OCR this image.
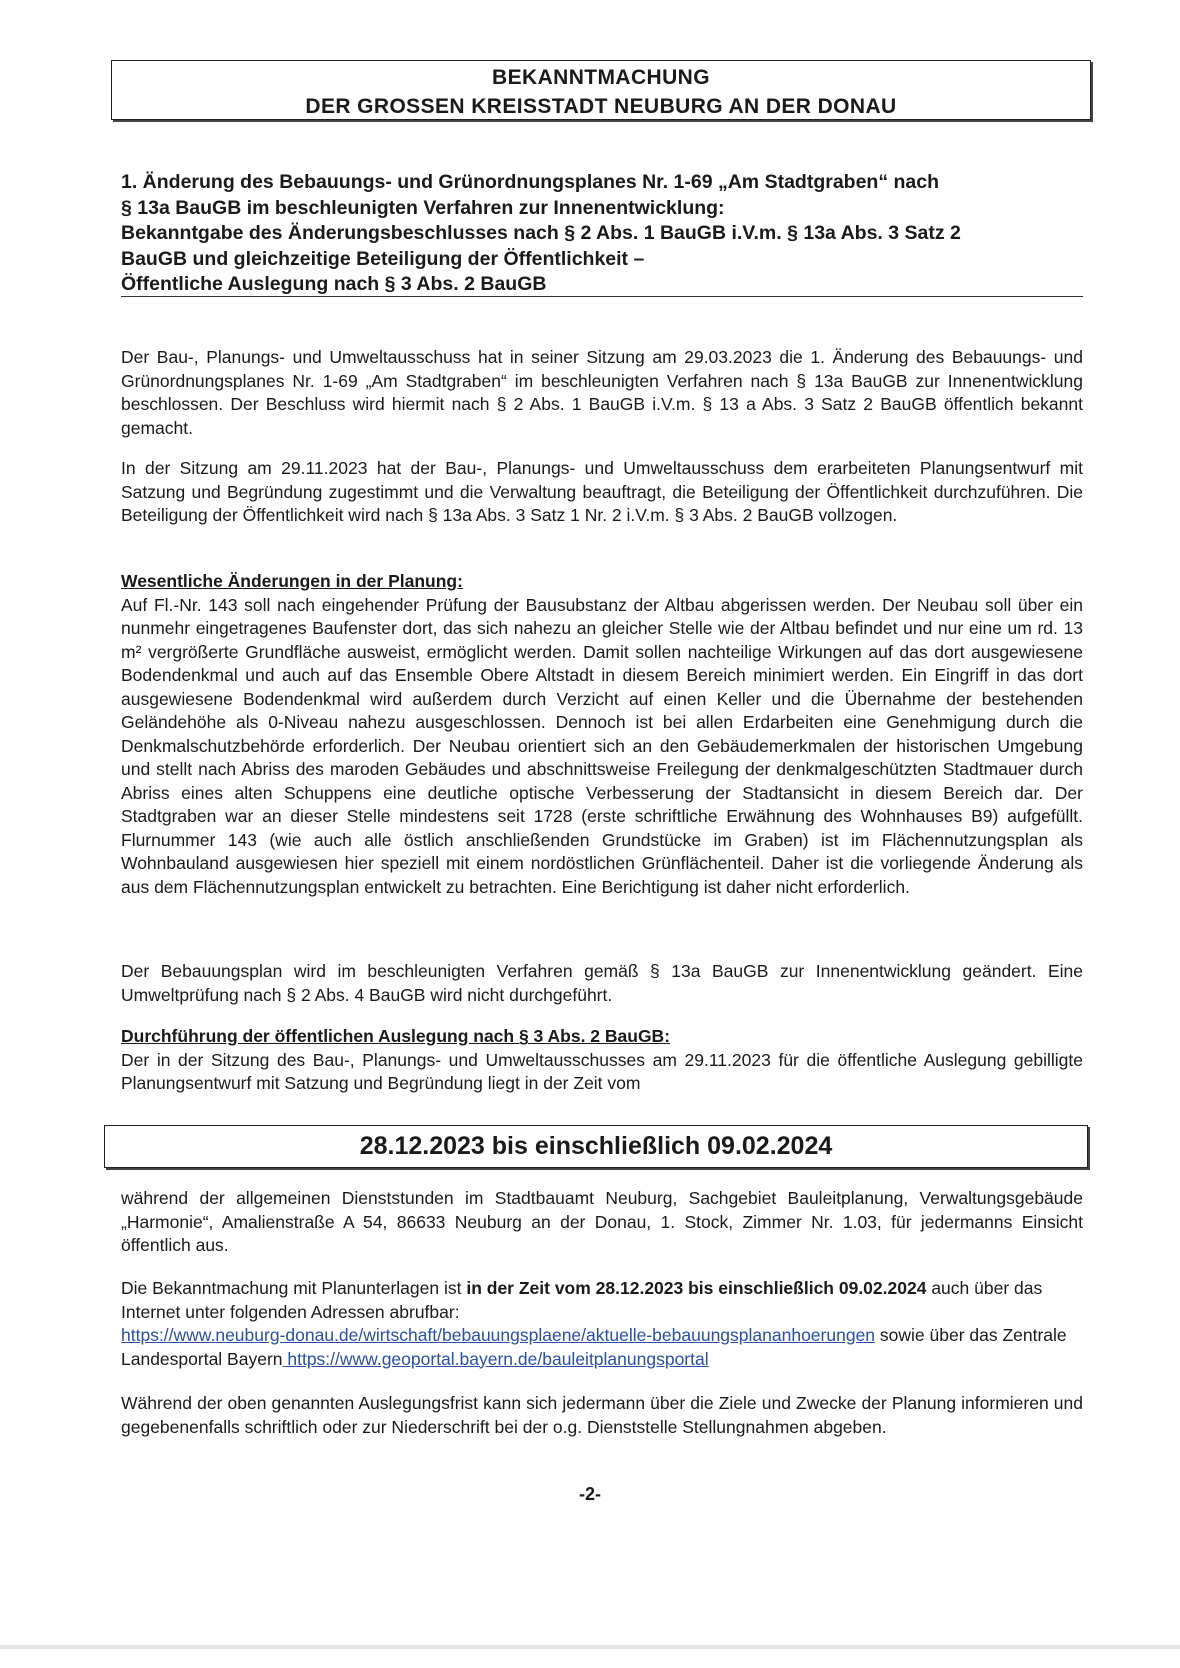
BEKANNTMACHUNG
DER GROSSEN KREISSTADT NEUBURG AN DER DONAU
1. Änderung des Bebauungs- und Grünordnungsplanes Nr. 1-69 „Am Stadtgraben“ nach
§ 13a BauGB im beschleunigten Verfahren zur Innenentwicklung:
Bekanntgabe des Änderungsbeschlusses nach § 2 Abs. 1 BauGB i.V.m. § 13a Abs. 3 Satz 2
BauGB und gleichzeitige Beteiligung der Öffentlichkeit –
Öffentliche Auslegung nach § 3 Abs. 2 BauGB
Der Bau-, Planungs- und Umweltausschuss hat in seiner Sitzung am 29.03.2023 die 1. Änderung des Bebauungs- und Grünordnungsplanes Nr. 1-69 „Am Stadtgraben“ im beschleunigten Verfahren nach § 13a BauGB zur Innenentwicklung beschlossen. Der Beschluss wird hiermit nach § 2 Abs. 1 BauGB i.V.m. § 13 a Abs. 3 Satz 2 BauGB öffentlich bekannt gemacht.
In der Sitzung am 29.11.2023 hat der Bau-, Planungs- und Umweltausschuss dem erarbeiteten Planungsentwurf mit Satzung und Begründung zugestimmt und die Verwaltung beauftragt, die Beteiligung der Öffentlichkeit durchzuführen. Die Beteiligung der Öffentlichkeit wird nach § 13a Abs. 3 Satz 1 Nr. 2 i.V.m. § 3 Abs. 2 BauGB vollzogen.
Wesentliche Änderungen in der Planung:
Auf Fl.-Nr. 143 soll nach eingehender Prüfung der Bausubstanz der Altbau abgerissen werden. Der Neubau soll über ein nunmehr eingetragenes Baufenster dort, das sich nahezu an gleicher Stelle wie der Altbau befindet und nur eine um rd. 13 m² vergrößerte Grundfläche ausweist, ermöglicht werden. Damit sollen nachteilige Wirkungen auf das dort ausgewiesene Bodendenkmal und auch auf das Ensemble Obere Altstadt in diesem Bereich minimiert werden. Ein Eingriff in das dort ausgewiesene Bodendenkmal wird außerdem durch Verzicht auf einen Keller und die Übernahme der bestehenden Geländehöhe als 0-Niveau nahezu ausgeschlossen. Dennoch ist bei allen Erdarbeiten eine Genehmigung durch die Denkmalschutzbehörde erforderlich. Der Neubau orientiert sich an den Gebäudemerkmalen der historischen Umgebung und stellt nach Abriss des maroden Gebäudes und abschnittsweise Freilegung der denkmalgeschützten Stadtmauer durch Abriss eines alten Schuppens eine deutliche optische Verbesserung der Stadtansicht in diesem Bereich dar. Der Stadtgraben war an dieser Stelle mindestens seit 1728 (erste schriftliche Erwähnung des Wohnhauses B9) aufgefüllt. Flurnummer 143 (wie auch alle östlich anschließenden Grundstücke im Graben) ist im Flächennutzungsplan als Wohnbauland ausgewiesen hier speziell mit einem nordöstlichen Grünflächenteil. Daher ist die vorliegende Änderung als aus dem Flächennutzungsplan entwickelt zu betrachten. Eine Berichtigung ist daher nicht erforderlich.
Der Bebauungsplan wird im beschleunigten Verfahren gemäß § 13a BauGB zur Innenentwicklung geändert. Eine Umweltprüfung nach § 2 Abs. 4 BauGB wird nicht durchgeführt.
Durchführung der öffentlichen Auslegung nach § 3 Abs. 2 BauGB:
Der in der Sitzung des Bau-, Planungs- und Umweltausschusses am 29.11.2023 für die öffentliche Auslegung gebilligte Planungsentwurf mit Satzung und Begründung liegt in der Zeit vom
28.12.2023 bis einschließlich 09.02.2024
während der allgemeinen Dienststunden im Stadtbauamt Neuburg, Sachgebiet Bauleitplanung, Verwaltungsgebäude „Harmonie“, Amalienstraße A 54, 86633 Neuburg an der Donau, 1. Stock, Zimmer Nr. 1.03, für jedermanns Einsicht öffentlich aus.
Die Bekanntmachung mit Planunterlagen ist in der Zeit vom 28.12.2023 bis einschließlich 09.02.2024 auch über das Internet unter folgenden Adressen abrufbar:
https://www.neuburg-donau.de/wirtschaft/bebauungsplaene/aktuelle-bebauungsplananhoerungen sowie über das Zentrale Landesportal Bayern https://www.geoportal.bayern.de/bauleitplanungsportal
Während der oben genannten Auslegungsfrist kann sich jedermann über die Ziele und Zwecke der Planung informieren und gegebenenfalls schriftlich oder zur Niederschrift bei der o.g. Dienststelle Stellungnahmen abgeben.
-2-
